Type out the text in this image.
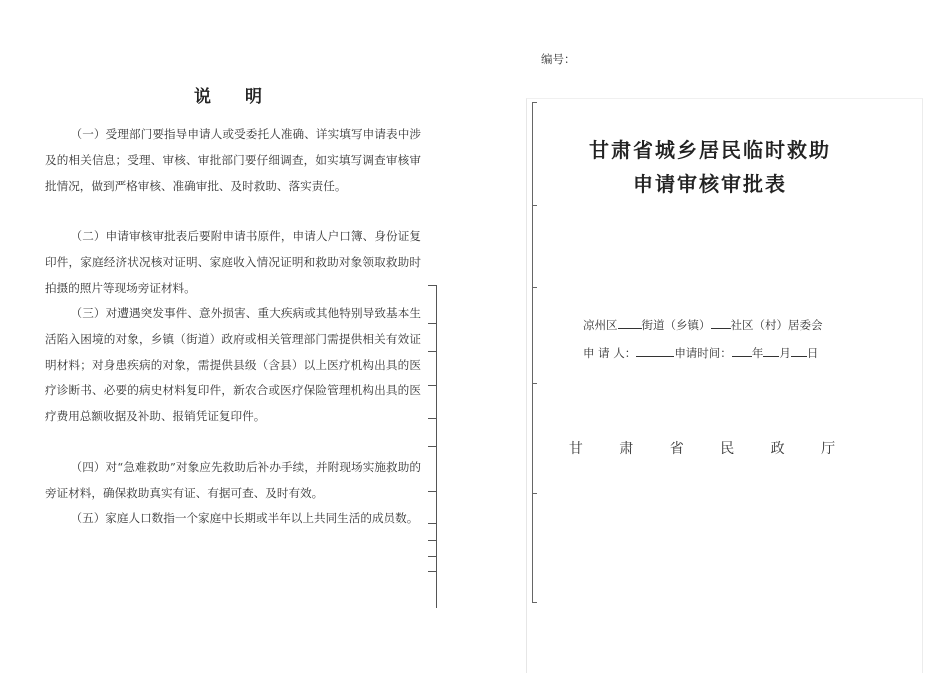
说 明
（一）受理部门要指导申请人或受委托人准确、详实填写申请表中涉及的相关信息；受理、审核、审批部门要仔细调查，如实填写调查审核审批情况，做到严格审核、准确审批、及时救助、落实责任。
（二）申请审核审批表后要附申请书原件，申请人户口簿、身份证复印件，家庭经济状况核对证明、家庭收入情况证明和救助对象领取救助时拍摄的照片等现场旁证材料。
（三）对遭遇突发事件、意外损害、重大疾病或其他特别导致基本生活陷入困境的对象，乡镇（街道）政府或相关管理部门需提供相关有效证明材料；对身患疾病的对象，需提供县级（含县）以上医疗机构出具的医疗诊断书、必要的病史材料复印件，新农合或医疗保险管理机构出具的医疗费用总额收据及补助、报销凭证复印件。
（四）对“急难救助”对象应先救助后补办手续，并附现场实施救助的旁证材料，确保救助真实有证、有据可查、及时有效。
（五）家庭人口数指一个家庭中长期或半年以上共同生活的成员数。
编号：
甘肃省城乡居民临时救助
申请审核审批表
凉州区 街道（乡镇） 社区（村）居委会
申 请 人：	申请时间： 年 月 日
甘 肃 省 民 政 厅
